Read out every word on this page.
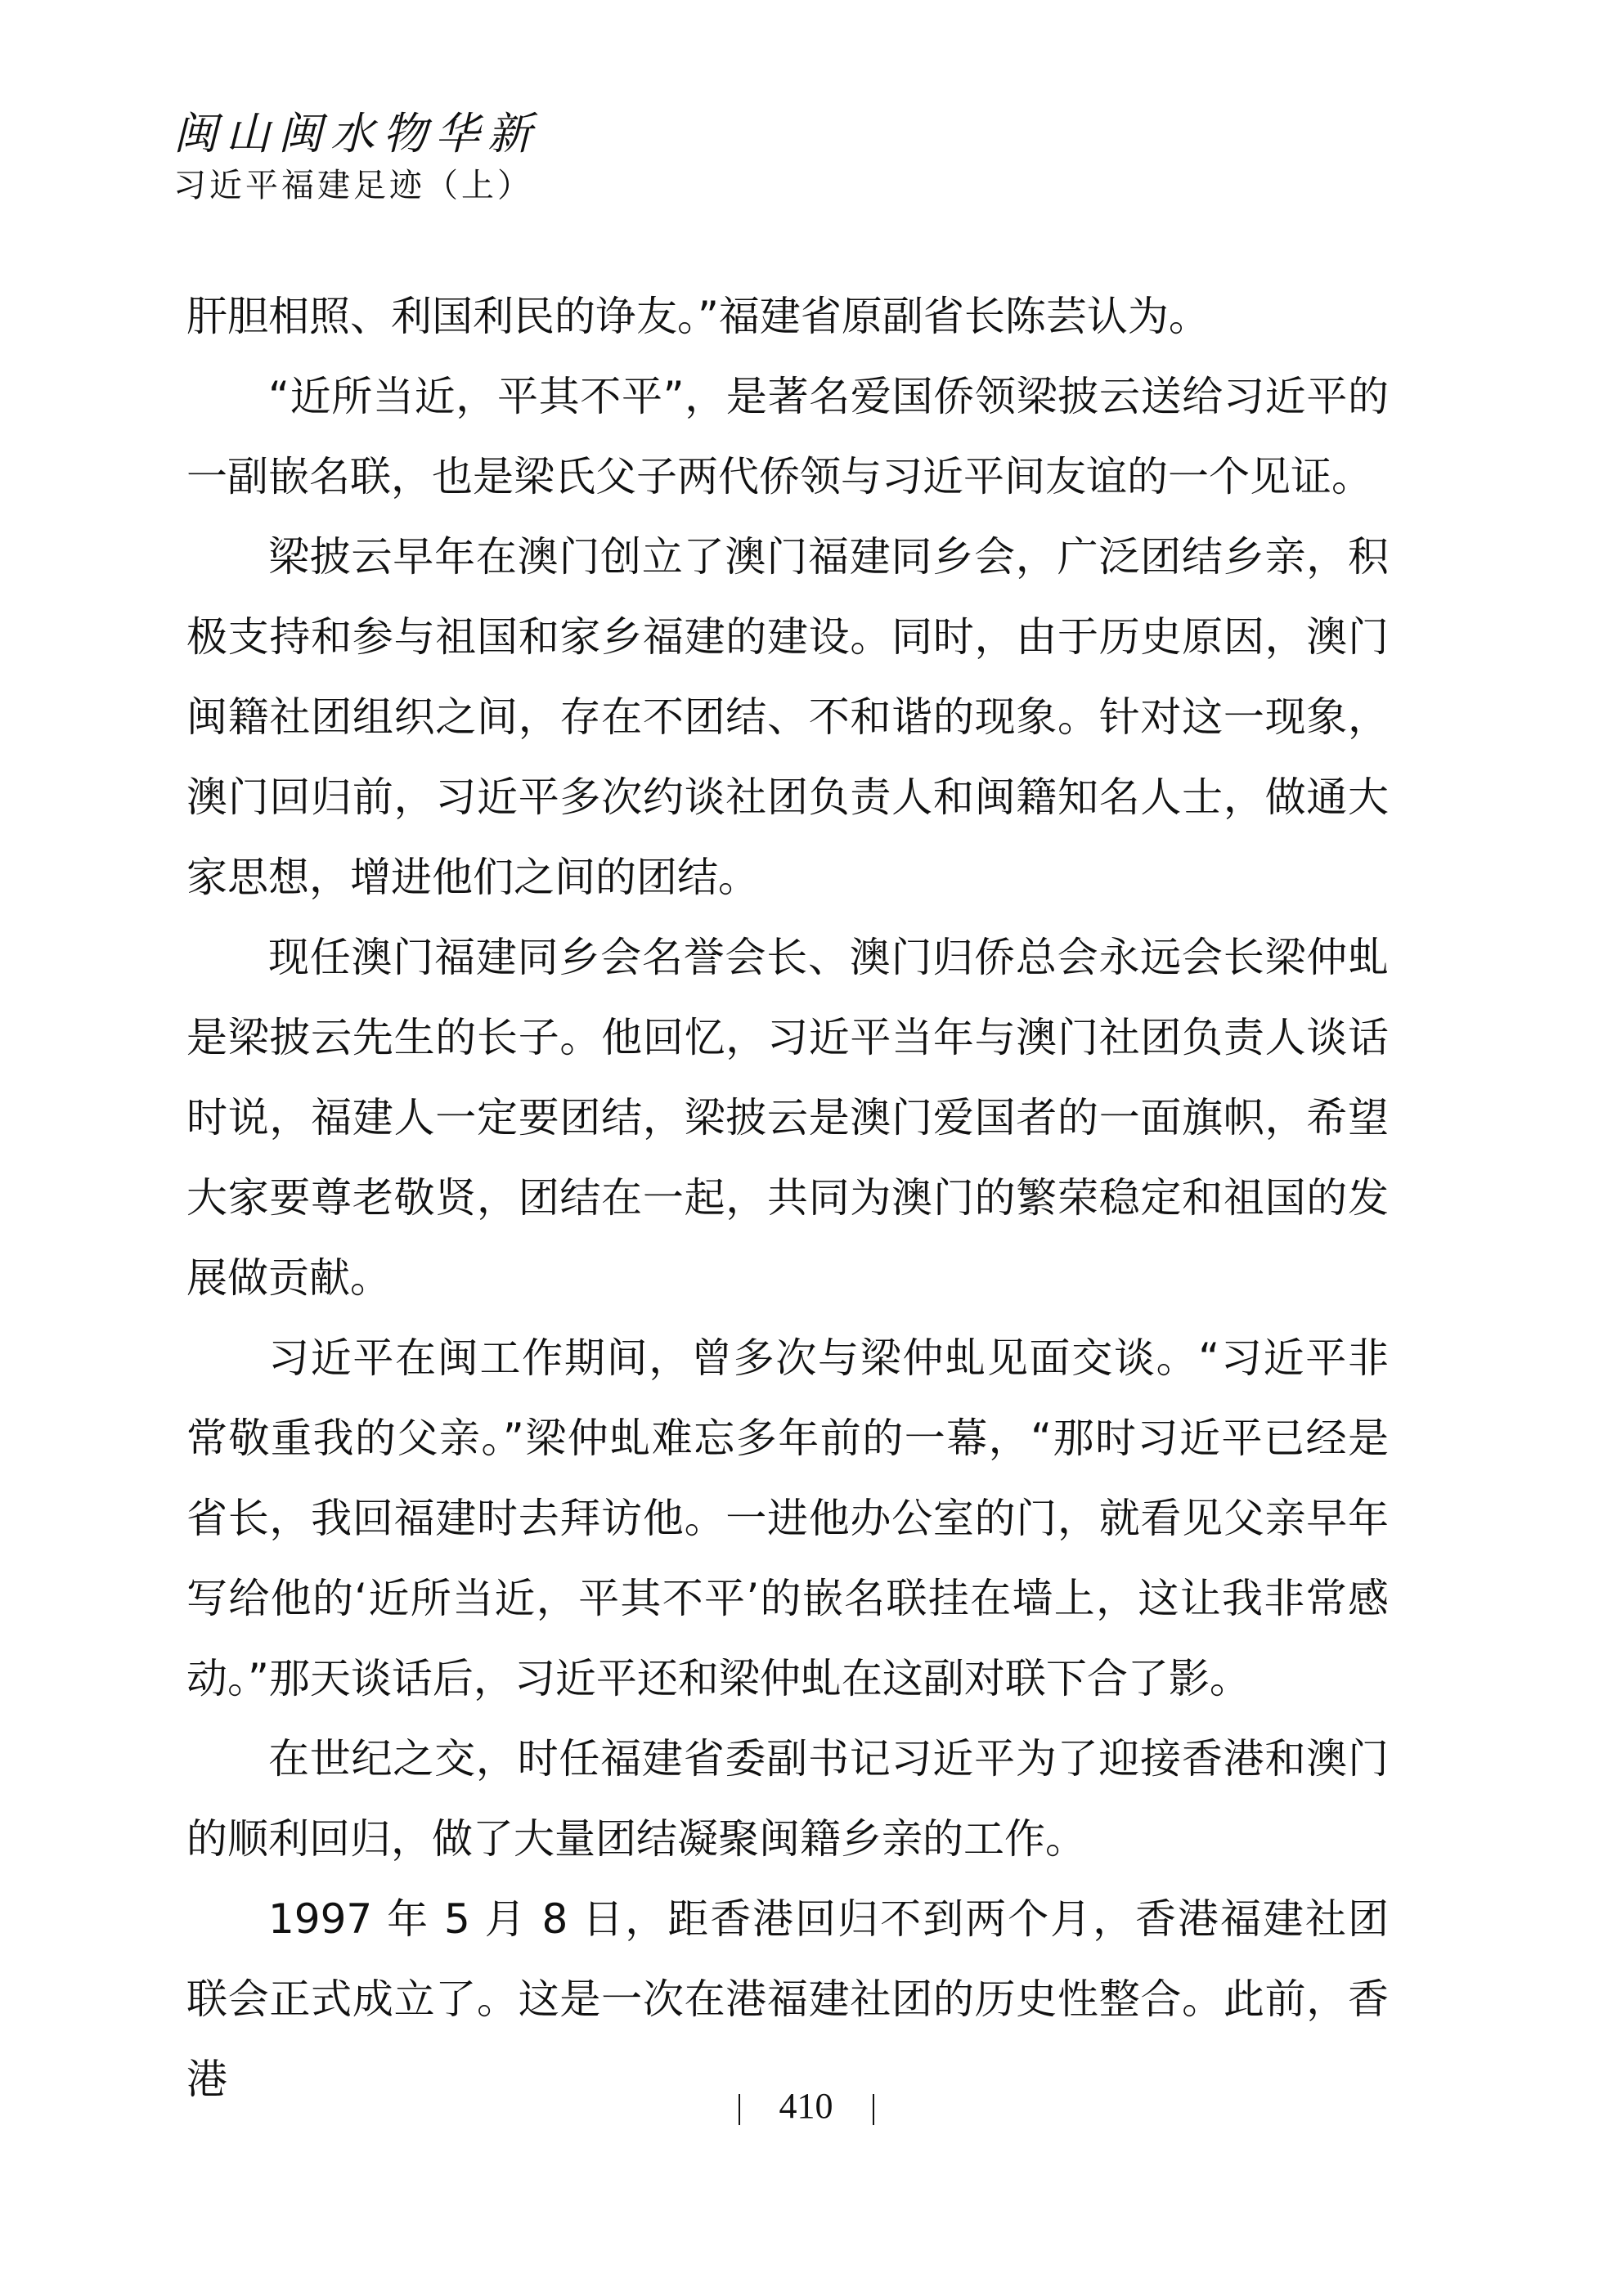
闽山闽水物华新
习近平福建足迹（上）

肝胆相照、利国利民的诤友。”福建省原副省长陈芸认为。

“近所当近，平其不平”，是著名爱国侨领梁披云送给习近平的一副嵌名联，也是梁氏父子两代侨领与习近平间友谊的一个见证。

梁披云早年在澳门创立了澳门福建同乡会，广泛团结乡亲，积极支持和参与祖国和家乡福建的建设。同时，由于历史原因，澳门闽籍社团组织之间，存在不团结、不和谐的现象。针对这一现象，澳门回归前，习近平多次约谈社团负责人和闽籍知名人士，做通大家思想，增进他们之间的团结。

现任澳门福建同乡会名誉会长、澳门归侨总会永远会长梁仲虬是梁披云先生的长子。他回忆，习近平当年与澳门社团负责人谈话时说，福建人一定要团结，梁披云是澳门爱国者的一面旗帜，希望大家要尊老敬贤，团结在一起，共同为澳门的繁荣稳定和祖国的发展做贡献。

习近平在闽工作期间，曾多次与梁仲虬见面交谈。“习近平非常敬重我的父亲。”梁仲虬难忘多年前的一幕，“那时习近平已经是省长，我回福建时去拜访他。一进他办公室的门，就看见父亲早年写给他的‘近所当近，平其不平’的嵌名联挂在墙上，这让我非常感动。”那天谈话后，习近平还和梁仲虬在这副对联下合了影。

在世纪之交，时任福建省委副书记习近平为了迎接香港和澳门的顺利回归，做了大量团结凝聚闽籍乡亲的工作。

1997 年 5 月 8 日，距香港回归不到两个月，香港福建社团联会正式成立了。这是一次在港福建社团的历史性整合。此前，香港

410
